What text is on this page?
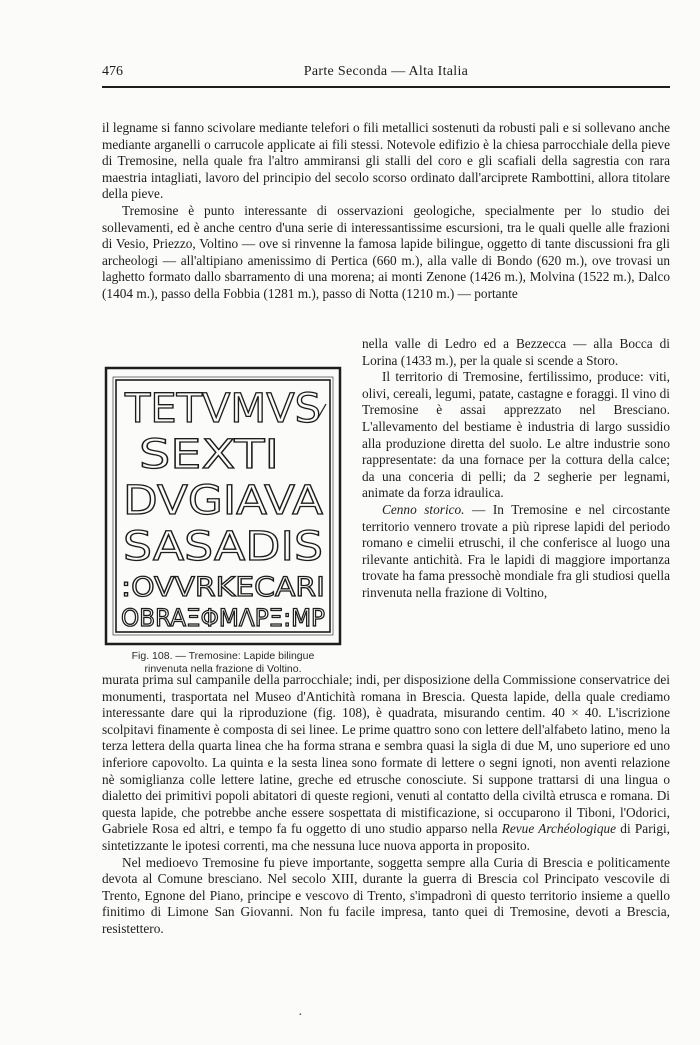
476	Parte Seconda — Alta Italia

il legname si fanno scivolare mediante telefori o fili metallici sostenuti da robusti pali e si sollevano anche mediante arganelli o carrucole applicate ai fili stessi. Notevole edifizio è la chiesa parrocchiale della pieve di Tremosine, nella quale fra l'altro ammiransi gli stalli del coro e gli scafiali della sagrestia con rara maestria intagliati, lavoro del principio del secolo scorso ordinato dall'arciprete Rambottini, allora titolare della pieve.

Tremosine è punto interessante di osservazioni geologiche, specialmente per lo studio dei sollevamenti, ed è anche centro d'una serie di interessantissime escursioni, tra le quali quelle alle frazioni di Vesio, Priezzo, Voltino — ove si rinvenne la famosa lapide bilingue, oggetto di tante discussioni fra gli archeologi — all'altipiano amenissimo di Pertica (660 m.), alla valle di Bondo (620 m.), ove trovasi un laghetto formato dallo sbarramento di una morena; ai monti Zenone (1426 m.), Molvina (1522 m.), Dalco (1404 m.), passo della Fobbia (1281 m.), passo di Notta (1210 m.) — portante

TETVMVS
SEXTI
DVGIAVA
SASADIS
:OVVRKECARI
OBRAΞΦΜΛΡΞ:ΜΡ
Fig. 108. — Tremosine: Lapide bilingue
rinvenuta nella frazione di Voltino.

nella valle di Ledro ed a Bezzecca — alla Bocca di Lorina (1433 m.), per la quale si scende a Storo.

Il territorio di Tremosine, fertilissimo, produce: viti, olivi, cereali, legumi, patate, castagne e foraggi. Il vino di Tremosine è assai apprezzato nel Bresciano. L'allevamento del bestiame è industria di largo sussidio alla produzione diretta del suolo. Le altre industrie sono rappresentate: da una fornace per la cottura della calce; da una conceria di pelli; da 2 segherie per legnami, animate da forza idraulica.

Cenno storico. — In Tremosine e nel circostante territorio vennero trovate a più riprese lapidi del periodo romano e cimelii etruschi, il che conferisce al luogo una rilevante antichità. Fra le lapidi di maggiore importanza trovate ha fama pressochè mondiale fra gli studiosi quella rinvenuta nella frazione di Voltino,

murata prima sul campanile della parrocchiale; indi, per disposizione della Commissione conservatrice dei monumenti, trasportata nel Museo d'Antichità romana in Brescia. Questa lapide, della quale crediamo interessante dare qui la riproduzione (fig. 108), è quadrata, misurando centim. 40 × 40. L'iscrizione scolpitavi finamente è composta di sei linee. Le prime quattro sono con lettere dell'alfabeto latino, meno la terza lettera della quarta linea che ha forma strana e sembra quasi la sigla di due M, uno superiore ed uno inferiore capovolto. La quinta e la sesta linea sono formate di lettere o segni ignoti, non aventi relazione nè somiglianza colle lettere latine, greche ed etrusche conosciute. Si suppone trattarsi di una lingua o dialetto dei primitivi popoli abitatori di queste regioni, venuti al contatto della civiltà etrusca e romana. Di questa lapide, che potrebbe anche essere sospettata di mistificazione, si occuparono il Tiboni, l'Odorici, Gabriele Rosa ed altri, e tempo fa fu oggetto di uno studio apparso nella Revue Archéologique di Parigi, sintetizzante le ipotesi correnti, ma che nessuna luce nuova apporta in proposito.

Nel medioevo Tremosine fu pieve importante, soggetta sempre alla Curia di Brescia e politicamente devota al Comune bresciano. Nel secolo XIII, durante la guerra di Brescia col Principato vescovile di Trento, Egnone del Piano, principe e vescovo di Trento, s'impadronì di questo territorio insieme a quello finitimo di Limone San Giovanni. Non fu facile impresa, tanto quei di Tremosine, devoti a Brescia, resistettero.

·
